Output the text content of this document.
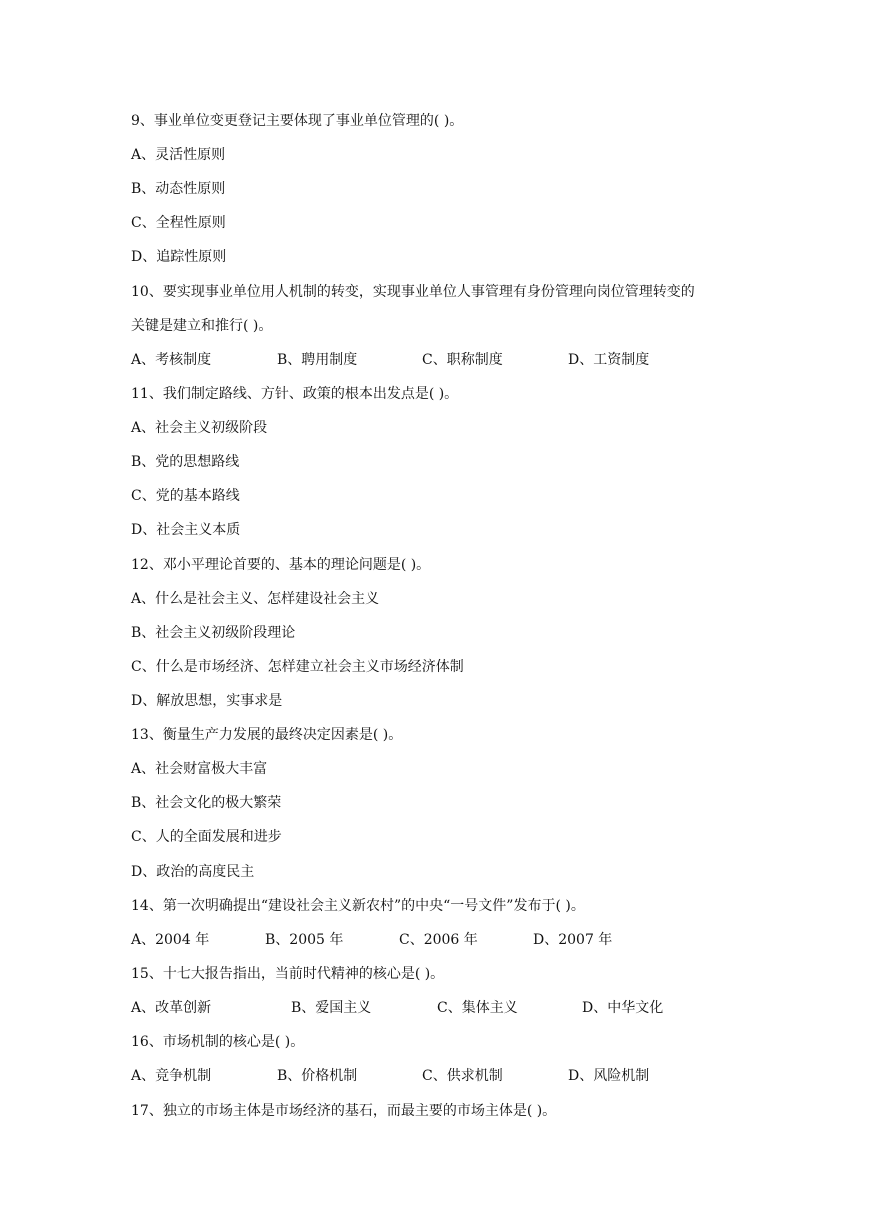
9、事业单位变更登记主要体现了事业单位管理的( )。
A、灵活性原则
B、动态性原则
C、全程性原则
D、追踪性原则
10、要实现事业单位用人机制的转变，实现事业单位人事管理有身份管理向岗位管理转变的
关键是建立和推行( )。
A、考核制度	B、聘用制度	C、职称制度	D、工资制度
11、我们制定路线、方针、政策的根本出发点是( )。
A、社会主义初级阶段
B、党的思想路线
C、党的基本路线
D、社会主义本质
12、邓小平理论首要的、基本的理论问题是( )。
A、什么是社会主义、怎样建设社会主义
B、社会主义初级阶段理论
C、什么是市场经济、怎样建立社会主义市场经济体制
D、解放思想，实事求是
13、衡量生产力发展的最终决定因素是( )。
A、社会财富极大丰富
B、社会文化的极大繁荣
C、人的全面发展和进步
D、政治的高度民主
14、第一次明确提出“建设社会主义新农村”的中央“一号文件”发布于( )。
A、2004 年	B、2005 年	C、2006 年	D、2007 年
15、十七大报告指出，当前时代精神的核心是( )。
A、改革创新	B、爱国主义	C、集体主义	D、中华文化
16、市场机制的核心是( )。
A、竞争机制	B、价格机制	C、供求机制	D、风险机制
17、独立的市场主体是市场经济的基石，而最主要的市场主体是( )。
